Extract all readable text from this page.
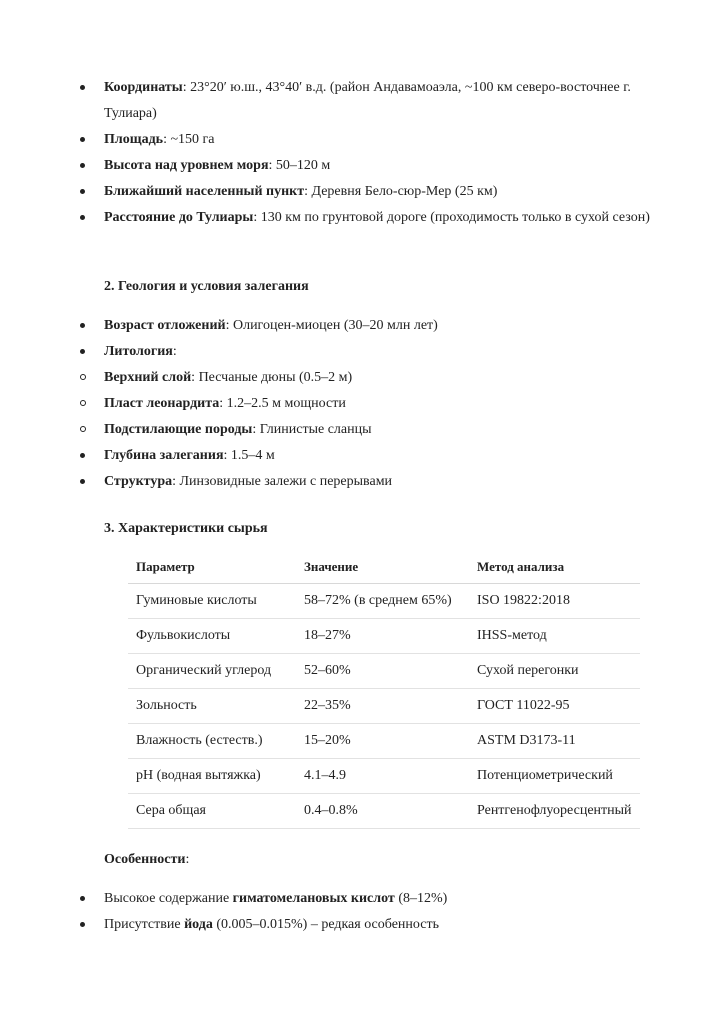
Координаты: 23°20′ ю.ш., 43°40′ в.д. (район Андавамоаэла, ~100 км северо-восточнее г. Тулиара)
Площадь: ~150 га
Высота над уровнем моря: 50–120 м
Ближайший населенный пункт: Деревня Бело-сюр-Мер (25 км)
Расстояние до Тулиары: 130 км по грунтовой дороге (проходимость только в сухой сезон)
2. Геология и условия залегания
Возраст отложений: Олигоцен-миоцен (30–20 млн лет)
Литология:
Верхний слой: Песчаные дюны (0.5–2 м)
Пласт леонардита: 1.2–2.5 м мощности
Подстилающие породы: Глинистые сланцы
Глубина залегания: 1.5–4 м
Структура: Линзовидные залежи с перерывами
3. Характеристики сырья
Параметр	Значение	Метод анализа
Гуминовые кислоты	58–72% (в среднем 65%)	ISO 19822:2018
Фульвокислоты	18–27%	IHSS-метод
Органический углерод	52–60%	Сухой перегонки
Зольность	22–35%	ГОСТ 11022-95
Влажность (естеств.)	15–20%	ASTM D3173-11
pH (водная вытяжка)	4.1–4.9	Потенциометрический
Сера общая	0.4–0.8%	Рентгенофлуоресцентный
Особенности:
Высокое содержание гиматомелановых кислот (8–12%)
Присутствие йода (0.005–0.015%) – редкая особенность
